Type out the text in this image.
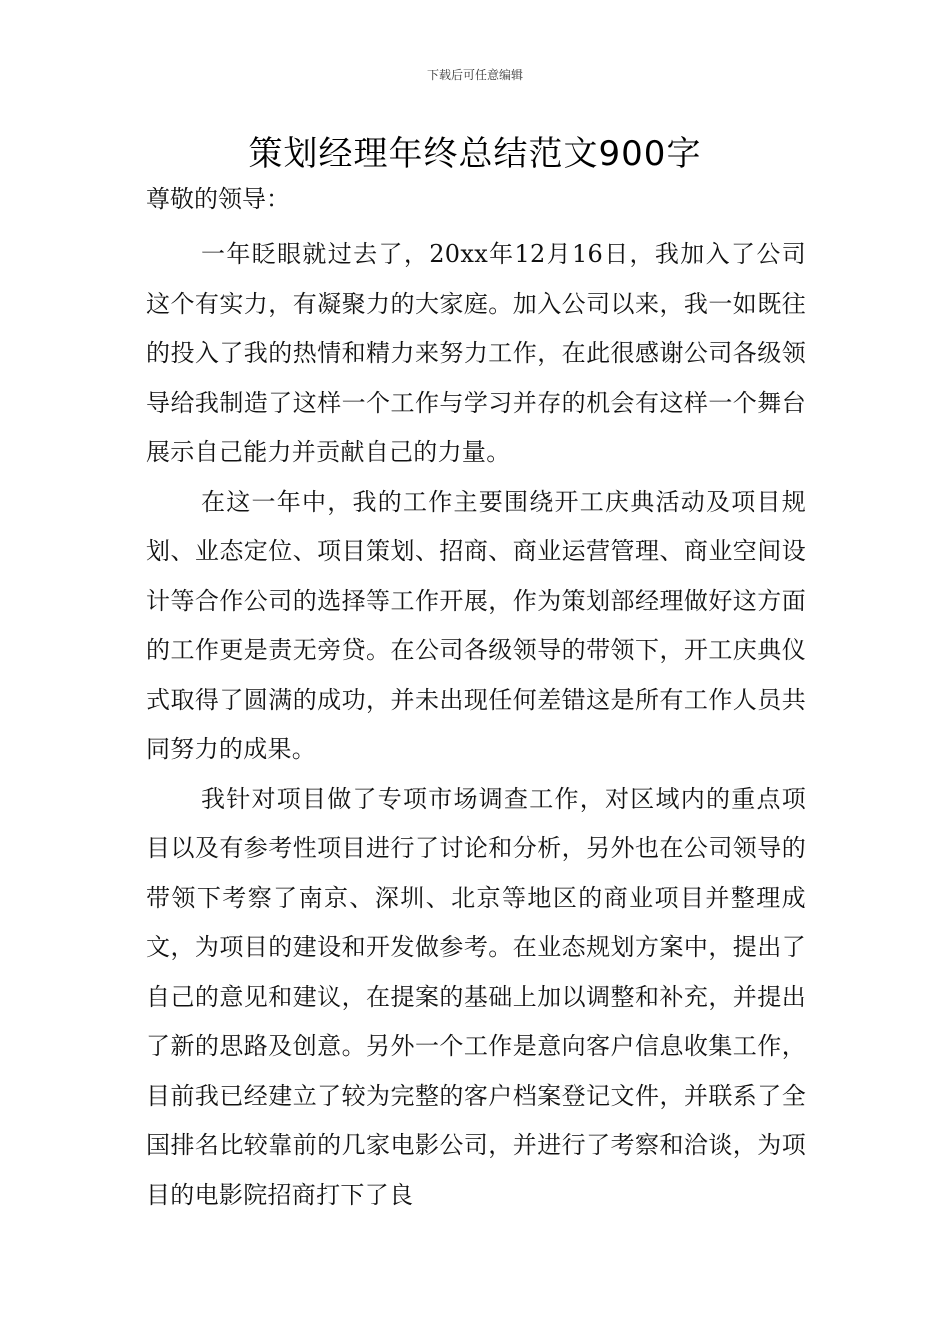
下载后可任意编辑
策划经理年终总结范文900字
尊敬的领导：

一年眨眼就过去了，20xx年12月16日，我加入了公司这个有实力，有凝聚力的大家庭。加入公司以来，我一如既往的投入了我的热情和精力来努力工作，在此很感谢公司各级领导给我制造了这样一个工作与学习并存的机会有这样一个舞台展示自己能力并贡献自己的力量。

在这一年中，我的工作主要围绕开工庆典活动及项目规划、业态定位、项目策划、招商、商业运营管理、商业空间设计等合作公司的选择等工作开展，作为策划部经理做好这方面的工作更是责无旁贷。在公司各级领导的带领下，开工庆典仪式取得了圆满的成功，并未出现任何差错这是所有工作人员共同努力的成果。

我针对项目做了专项市场调查工作，对区域内的重点项目以及有参考性项目进行了讨论和分析，另外也在公司领导的带领下考察了南京、深圳、北京等地区的商业项目并整理成文，为项目的建设和开发做参考。在业态规划方案中，提出了自己的意见和建议，在提案的基础上加以调整和补充，并提出了新的思路及创意。另外一个工作是意向客户信息收集工作，目前我已经建立了较为完整的客户档案登记文件，并联系了全国排名比较靠前的几家电影公司，并进行了考察和洽谈，为项目的电影院招商打下了良
